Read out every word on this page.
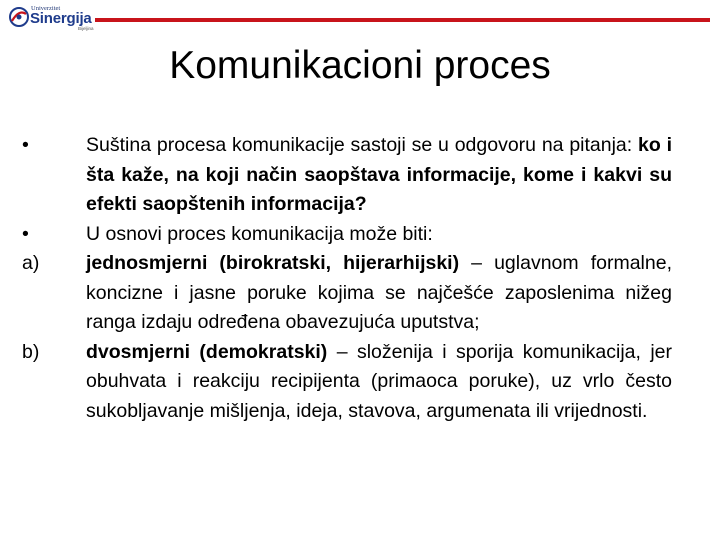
Univerzitet
Sinergija
Bijeljina
Komunikacioni proces
•	Suština procesa komunikacije sastoji se u odgovoru na pitanja: ko i šta kaže, na koji način saopštava informacije, kome i kakvi su efekti saopštenih informacija?
•	U osnovi proces komunikacija može biti:
a)	jednosmjerni (birokratski, hijerarhijski) – uglavnom formalne, koncizne i jasne poruke kojima se najčešće zaposlenima nižeg ranga izdaju određena obavezujuća uputstva;
b)	dvosmjerni (demokratski) – složenija i sporija komunikacija, jer obuhvata i reakciju recipijenta (primaoca poruke), uz vrlo često sukobljavanje mišljenja, ideja, stavova, argumenata ili vrijednosti.
